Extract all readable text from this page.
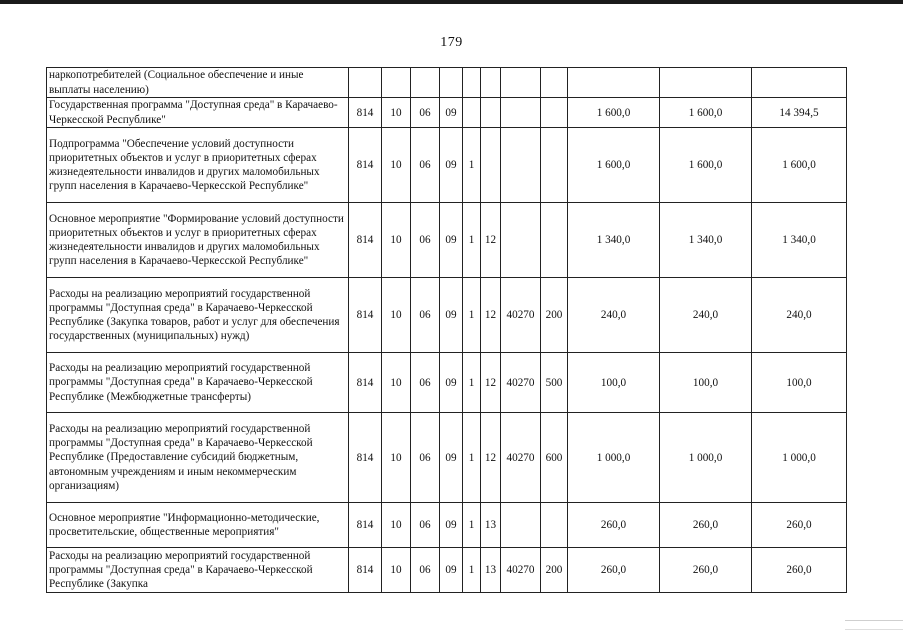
179
наркопотребителей (Социальное обеспечение и иные выплаты населению)											
Государственная программа "Доступная среда" в Карачаево-Черкесской Республике"	814	10	06	09					1 600,0	1 600,0	14 394,5
Подпрограмма "Обеспечение условий доступности приоритетных объектов и услуг в приоритетных сферах жизнедеятельности инвалидов и других маломобильных групп населения в Карачаево-Черкесской Республике"	814	10	06	09	1				1 600,0	1 600,0	1 600,0
Основное мероприятие "Формирование условий доступности приоритетных объектов и услуг в приоритетных сферах жизнедеятельности инвалидов и других маломобильных групп населения в Карачаево-Черкесской Республике"	814	10	06	09	1	12			1 340,0	1 340,0	1 340,0
Расходы на реализацию мероприятий государственной программы "Доступная среда" в Карачаево-Черкесской Республике (Закупка товаров, работ и услуг для обеспечения государственных (муниципальных) нужд)	814	10	06	09	1	12	40270	200	240,0	240,0	240,0
Расходы на реализацию мероприятий государственной программы "Доступная среда" в Карачаево-Черкесской Республике (Межбюджетные трансферты)	814	10	06	09	1	12	40270	500	100,0	100,0	100,0
Расходы на реализацию мероприятий государственной программы "Доступная среда" в Карачаево-Черкесской Республике (Предоставление субсидий бюджетным, автономным учреждениям и иным некоммерческим организациям)	814	10	06	09	1	12	40270	600	1 000,0	1 000,0	1 000,0
Основное мероприятие "Информационно-методические, просветительские, общественные мероприятия"	814	10	06	09	1	13			260,0	260,0	260,0
Расходы на реализацию мероприятий государственной программы "Доступная среда" в Карачаево-Черкесской Республике (Закупка	814	10	06	09	1	13	40270	200	260,0	260,0	260,0
